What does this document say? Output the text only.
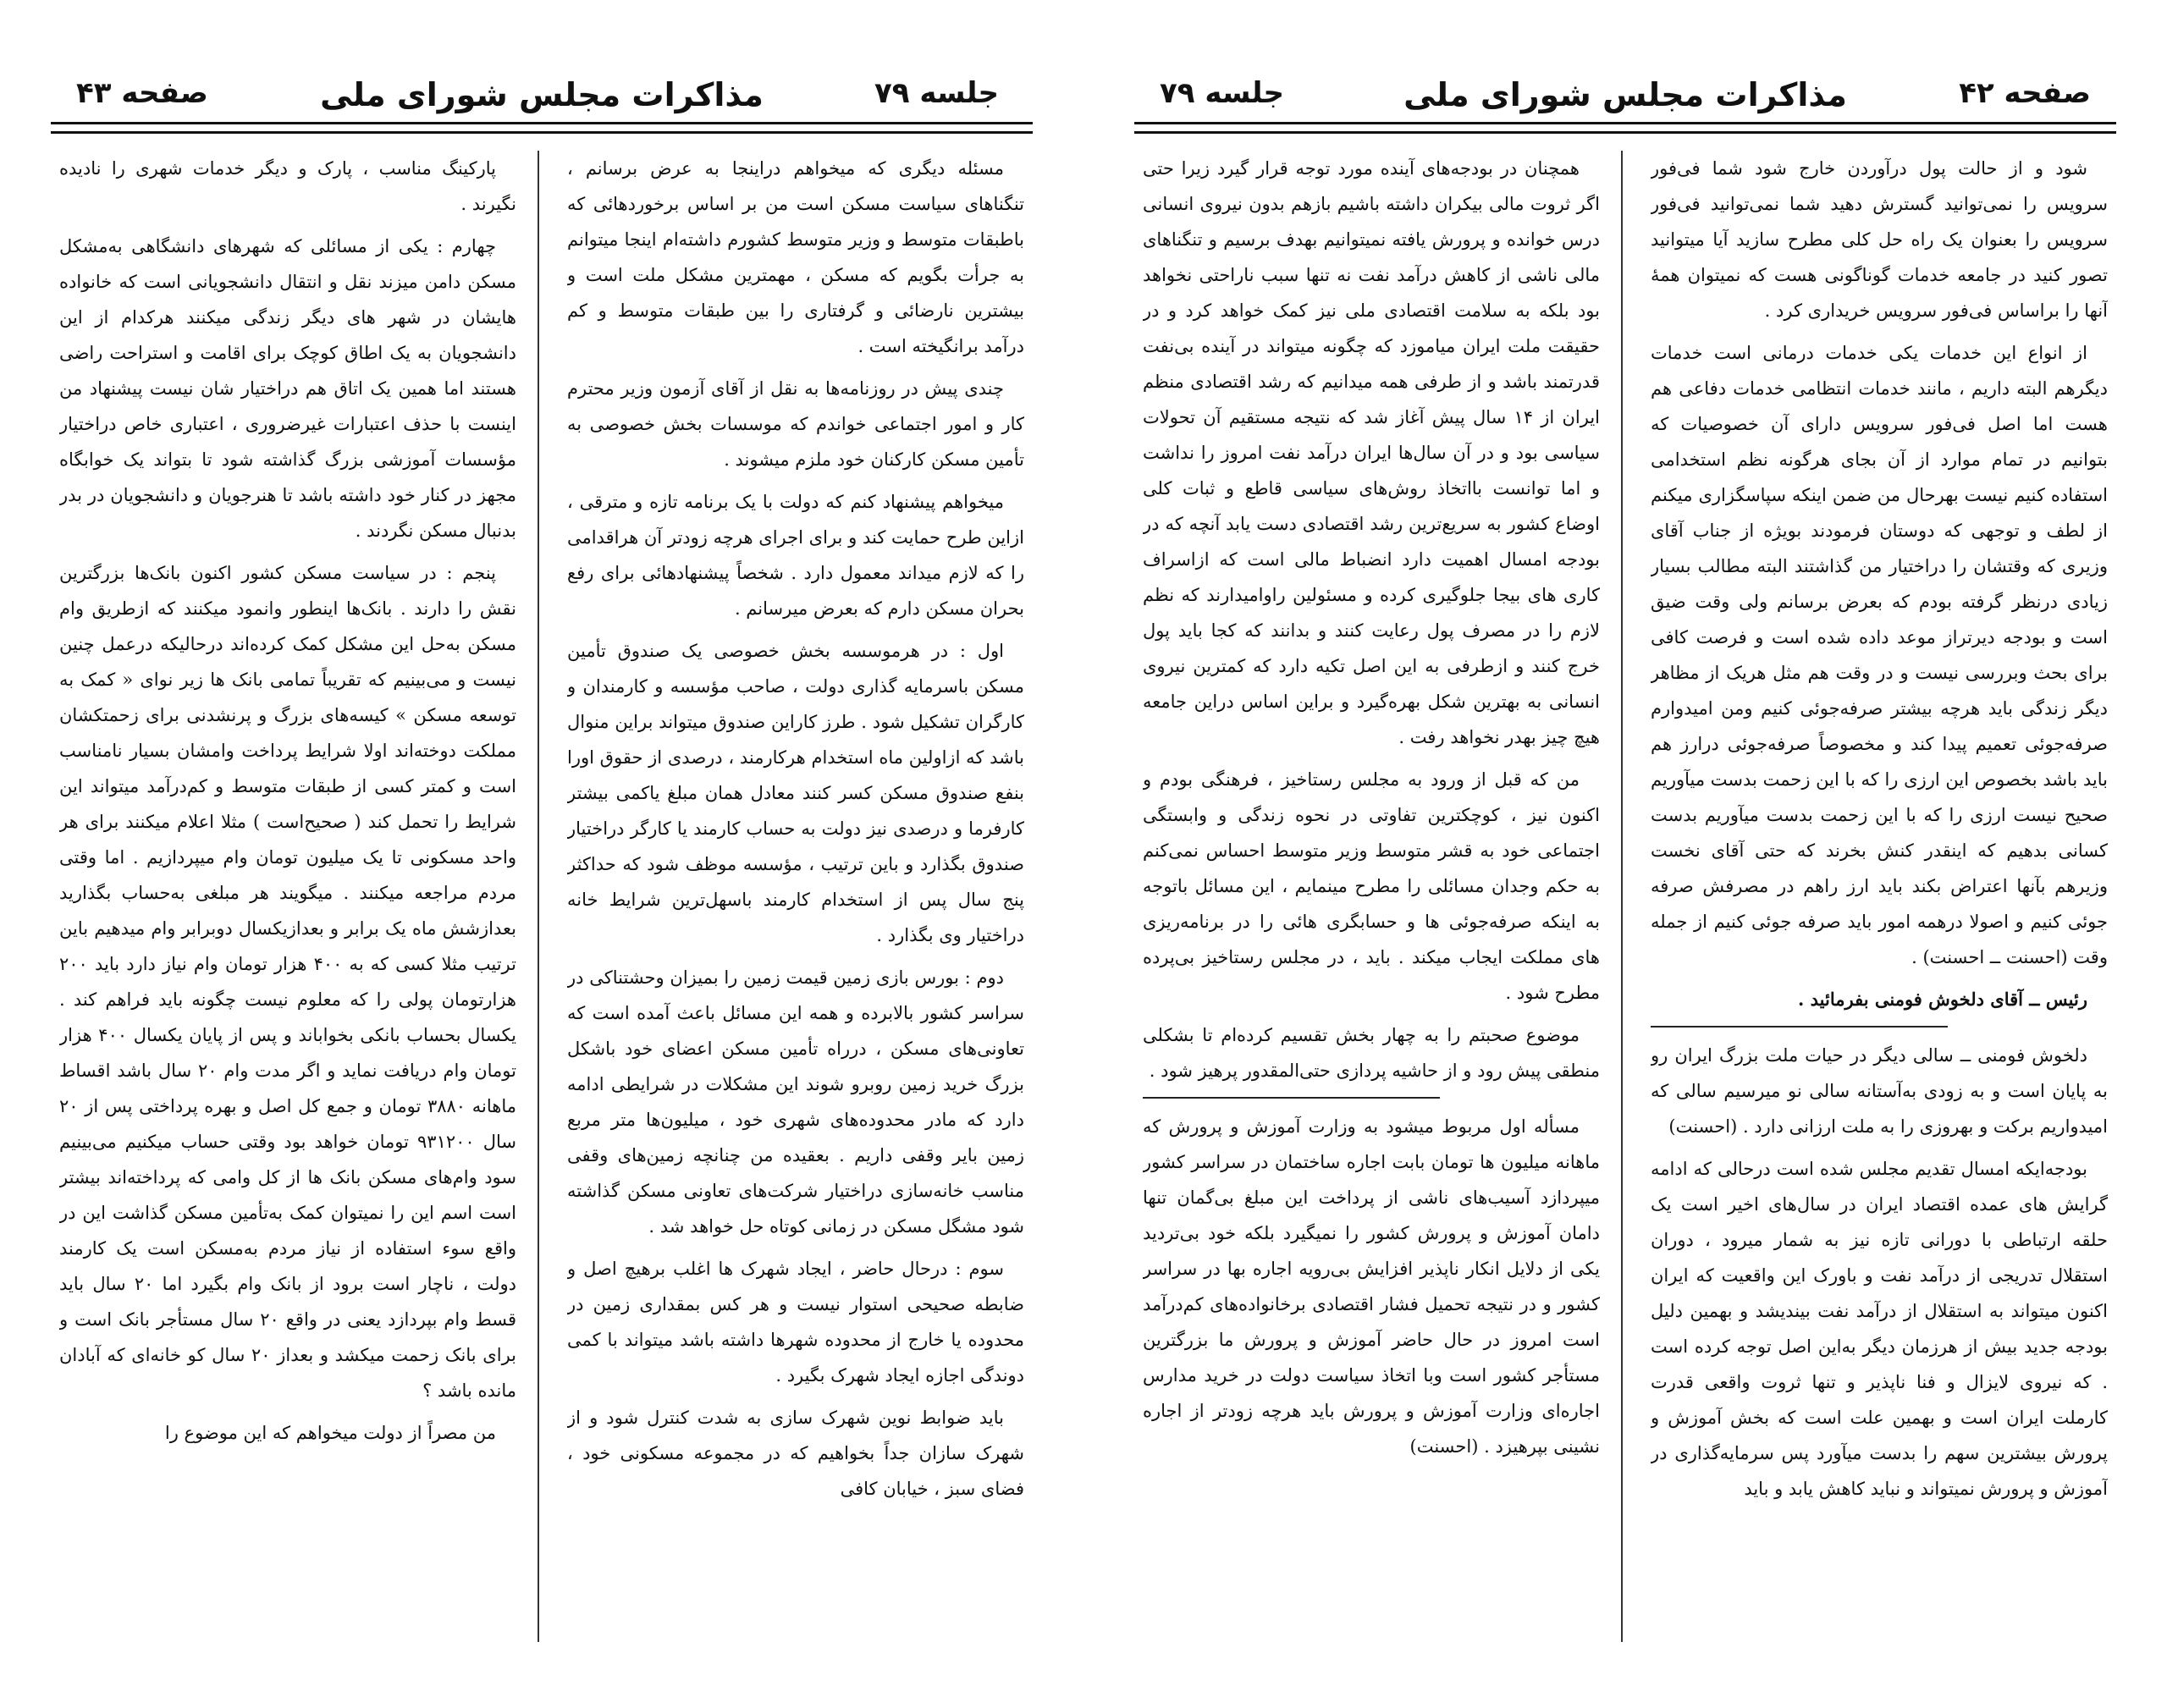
جلسه ۷۹
مذاکرات مجلس شورای ملی
صفحه ۴۳

مسئله دیگری که میخواهم دراینجا به عرض برسانم ، تنگناهای سیاست مسکن است من بر اساس برخوردهائی که باطبقات متوسط و وزیر متوسط کشورم داشته‌ام اینجا میتوانم به جرأت بگویم که مسکن ، مهمترین مشکل ملت است و بیشترین نارضائی و گرفتاری را بین طبقات متوسط و کم درآمد برانگیخته است .

چندی پیش در روزنامه‌ها به نقل از آقای آزمون وزیر محترم کار و امور اجتماعی خواندم که موسسات بخش خصوصی به تأمین مسکن کارکنان خود ملزم میشوند .

میخواهم پیشنهاد کنم که دولت با یک برنامه تازه و مترقی ، ازاین طرح حمایت کند و برای اجرای هرچه زودتر آن هراقدامی را که لازم میداند معمول دارد . شخصاً پیشنهادهائی برای رفع بحران مسکن دارم که بعرض میرسانم .

اول : در هرموسسه بخش خصوصی یک صندوق تأمین مسکن باسرمایه گذاری دولت ، صاحب مؤسسه و کارمندان و کارگران تشکیل شود . طرز کاراین صندوق میتواند براین منوال باشد که ازاولین ماه استخدام هرکارمند ، درصدی از حقوق اورا بنفع صندوق مسکن کسر کنند معادل همان مبلغ یاکمی بیشتر کارفرما و درصدی نیز دولت به حساب کارمند یا کارگر دراختیار صندوق بگذارد و باین ترتیب ، مؤسسه موظف شود که حداکثر پنج سال پس از استخدام کارمند باسهل‌ترین شرایط خانه دراختیار وی بگذارد .

دوم : بورس بازی زمین قیمت زمین را بمیزان وحشتناکی در سراسر کشور بالابرده و همه این مسائل باعث آمده است که تعاونی‌های مسکن ، درراه تأمین مسکن اعضای خود باشکل بزرگ خرید زمین روبرو شوند این مشکلات در شرایطی ادامه دارد که مادر محدوده‌های شهری خود ، میلیون‌ها متر مربع زمین بایر وقفی داریم . بعقیده من چنانچه زمین‌های وقفی مناسب خانه‌سازی دراختیار شرکت‌های تعاونی مسکن گذاشته شود مشگل مسکن در زمانی کوتاه حل خواهد شد .

سوم : درحال حاضر ، ایجاد شهرک ها اغلب برهیچ اصل و ضابطه صحیحی استوار نیست و هر کس بمقداری زمین در محدوده یا خارج از محدوده شهرها داشته باشد میتواند با کمی دوندگی اجازه ایجاد شهرک بگیرد .

باید ضوابط نوین شهرک سازی به شدت کنترل شود و از شهرک سازان جداً بخواهیم که در مجموعه مسکونی خود ، فضای سبز ، خیابان کافی

پارکینگ مناسب ، پارک و دیگر خدمات شهری را نادیده نگیرند .

چهارم : یکی از مسائلی که شهرهای دانشگاهی به‌مشکل مسکن دامن میزند نقل و انتقال دانشجویانی است که خانواده هایشان در شهر های دیگر زندگی میکنند هرکدام از این دانشجویان به یک اطاق کوچک برای اقامت و استراحت راضی هستند اما همین یک اتاق هم دراختیار شان نیست پیشنهاد من اینست با حذف اعتبارات غیرضروری ، اعتباری خاص دراختیار مؤسسات آموزشی بزرگ گذاشته شود تا بتواند یک خوابگاه مجهز در کنار خود داشته باشد تا هنرجویان و دانشجویان در بدر بدنبال مسکن نگردند .

پنجم : در سیاست مسکن کشور اکنون بانک‌ها بزرگترین نقش را دارند . بانک‌ها اینطور وانمود میکنند که ازطریق وام مسکن به‌حل این مشکل کمک کرده‌اند درحالیکه درعمل چنین نیست و می‌بینیم که تقریباً تمامی بانک ها زیر نوای « کمک به توسعه مسکن » کیسه‌های بزرگ و پرنشدنی برای زحمتکشان مملکت دوخته‌اند اولا شرایط پرداخت وامشان بسیار نامناسب است و کمتر کسی از طبقات متوسط و کم‌درآمد میتواند این شرایط را تحمل کند ( صحیح‌است ) مثلا اعلام میکنند برای هر واحد مسکونی تا یک میلیون تومان وام میپردازیم . اما وقتی مردم مراجعه میکنند . میگویند هر مبلغی به‌حساب بگذارید بعدازشش ماه یک برابر و بعدازیکسال دوبرابر وام میدهیم باین ترتیب مثلا کسی که به ۴۰۰ هزار تومان وام نیاز دارد باید ۲۰۰ هزارتومان پولی را که معلوم نیست چگونه باید فراهم کند . یکسال بحساب بانکی بخواباند و پس از پایان یکسال ۴۰۰ هزار تومان وام دریافت نماید و اگر مدت وام ۲۰ سال باشد اقساط ماهانه ۳۸۸۰ تومان و جمع کل اصل و بهره پرداختی پس از ۲۰ سال ۹۳۱۲۰۰ تومان خواهد بود وقتی حساب میکنیم می‌بینیم سود وام‌های مسکن بانک ها از کل وامی که پرداخته‌اند بیشتر است اسم این را نمیتوان کمک به‌تأمین مسکن گذاشت این در واقع سوء استفاده از نیاز مردم به‌مسکن است یک کارمند دولت ، ناچار است برود از بانک وام بگیرد اما ۲۰ سال باید قسط وام بپردازد یعنی در واقع ۲۰ سال مستأجر بانک است و برای بانک زحمت میکشد و بعداز ۲۰ سال کو خانه‌ای که آبادان مانده باشد ؟

من مصراً از دولت میخواهم که این موضوع را

جلسه ۷۹	مذاکرات مجلس شورای ملی	صفحه ۴۲

شود و از حالت پول درآوردن خارج شود شما فی‌فور سرویس را نمی‌توانید گسترش دهید شما نمی‌توانید فی‌فور سرویس را بعنوان یک راه حل کلی مطرح سازید آیا میتوانید تصور کنید در جامعه خدمات گوناگونی هست که نمیتوان همهٔ آنها را براساس فی‌فور سرویس خریداری کرد .

از انواع این خدمات یکی خدمات درمانی است خدمات دیگرهم البته داریم ، مانند خدمات انتظامی خدمات دفاعی هم هست اما اصل فی‌فور سرویس دارای آن خصوصیات که بتوانیم در تمام موارد از آن بجای هرگونه نظم استخدامی استفاده کنیم نیست بهرحال من ضمن اینکه سپاسگزاری میکنم از لطف و توجهی که دوستان فرمودند بویژه از جناب آقای وزیری که وقتشان را دراختیار من گذاشتند البته مطالب بسیار زیادی درنظر گرفته بودم که بعرض برسانم ولی وقت ضیق است و بودجه دیرتراز موعد داده شده است و فرصت کافی برای بحث وبررسی نیست و در وقت هم مثل هریک از مظاهر دیگر زندگی باید هرچه بیشتر صرفه‌جوئی کنیم ومن امیدوارم صرفه‌جوئی تعمیم پیدا کند و مخصوصاً صرفه‌جوئی درارز هم باید باشد بخصوص این ارزی را که با این زحمت بدست میآوریم صحیح نیست ارزی را که با این زحمت بدست میآوریم بدست کسانی بدهیم که اینقدر کنش بخرند که حتی آقای نخست وزیرهم بآنها اعتراض بکند باید ارز راهم در مصرفش صرفه جوئی کنیم و اصولا درهمه امور باید صرفه جوئی کنیم از جمله وقت (احسنت ــ احسنت) .

رئیس ــ آقای دلخوش فومنی بفرمائید .

دلخوش فومنی ــ سالی دیگر در حیات ملت بزرگ ایران رو به پایان است و به زودی به‌آستانه سالی نو میرسیم سالی که امیدواریم برکت و بهروزی را به ملت ارزانی دارد . (احسنت)

بودجه‌ایکه امسال تقدیم مجلس شده است درحالی که ادامه گرایش های عمده اقتصاد ایران در سال‌های اخیر است یک حلقه ارتباطی با دورانی تازه نیز به شمار میرود ، دوران استقلال تدریجی از درآمد نفت و باورک این واقعیت که ایران اکنون میتواند به استقلال از درآمد نفت بیندیشد و بهمین دلیل بودجه جدید بیش از هرزمان دیگر به‌این اصل توجه کرده است . که نیروی لایزال و فنا ناپذیر و تنها ثروت واقعی قدرت کارملت ایران است و بهمین علت است که بخش آموزش و پرورش بیشترین سهم را بدست میآورد پس سرمایه‌گذاری در آموزش و پرورش نمیتواند و نباید کاهش یابد و باید

همچنان در بودجه‌های آینده مورد توجه قرار گیرد زیرا حتی اگر ثروت مالی بیکران داشته باشیم بازهم بدون نیروی انسانی درس خوانده و پرورش یافته نمیتوانیم بهدف برسیم و تنگناهای مالی ناشی از کاهش درآمد نفت نه تنها سبب ناراحتی نخواهد بود بلکه به سلامت اقتصادی ملی نیز کمک خواهد کرد و در حقیقت ملت ایران میاموزد که چگونه میتواند در آینده بی‌نفت قدرتمند باشد و از طرفی همه میدانیم که رشد اقتصادی منظم ایران از ۱۴ سال پیش آغاز شد که نتیجه مستقیم آن تحولات سیاسی بود و در آن سال‌ها ایران درآمد نفت امروز را نداشت و اما توانست بااتخاذ روش‌های سیاسی قاطع و ثبات کلی اوضاع کشور به سریع‌ترین رشد اقتصادی دست یابد آنچه که در بودجه امسال اهمیت دارد انضباط مالی است که ازاسراف کاری های بیجا جلوگیری کرده و مسئولین راوامیدارند که نظم لازم را در مصرف پول رعایت کنند و بدانند که کجا باید پول خرج کنند و ازطرفی به این اصل تکیه دارد که کمترین نیروی انسانی به بهترین شکل بهره‌گیرد و براین اساس دراین جامعه هیچ چیز بهدر نخواهد رفت .

من که قبل از ورود به مجلس رستاخیز ، فرهنگی بودم و اکنون نیز ، کوچکترین تفاوتی در نحوه زندگی و وابستگی اجتماعی خود به قشر متوسط وزیر متوسط احساس نمی‌کنم به حکم وجدان مسائلی را مطرح مینمایم ، این مسائل باتوجه به اینکه صرفه‌جوئی ها و حسابگری هائی را در برنامه‌ریزی های مملکت ایجاب میکند . باید ، در مجلس رستاخیز بی‌پرده مطرح شود .

موضوع صحبتم را به چهار بخش تقسیم کرده‌ام تا بشکلی منطقی پیش رود و از حاشیه پردازی حتی‌المقدور پرهیز شود .

مسأله اول مربوط میشود به وزارت آموزش و پرورش که ماهانه میلیون ها تومان بابت اجاره ساختمان در سراسر کشور میپردازد آسیب‌های ناشی از پرداخت این مبلغ بی‌گمان تنها دامان آموزش و پرورش کشور را نمیگیرد بلکه خود بی‌تردید یکی از دلایل انکار ناپذیر افزایش بی‌رویه اجاره بها در سراسر کشور و در نتیجه تحمیل فشار اقتصادی برخانواده‌های کم‌درآمد است امروز در حال حاضر آموزش و پرورش ما بزرگترین مستأجر کشور است وبا اتخاذ سیاست دولت در خرید مدارس اجاره‌ای وزارت آموزش و پرورش باید هرچه زودتر از اجاره نشینی بپرهیزد . (احسنت)
